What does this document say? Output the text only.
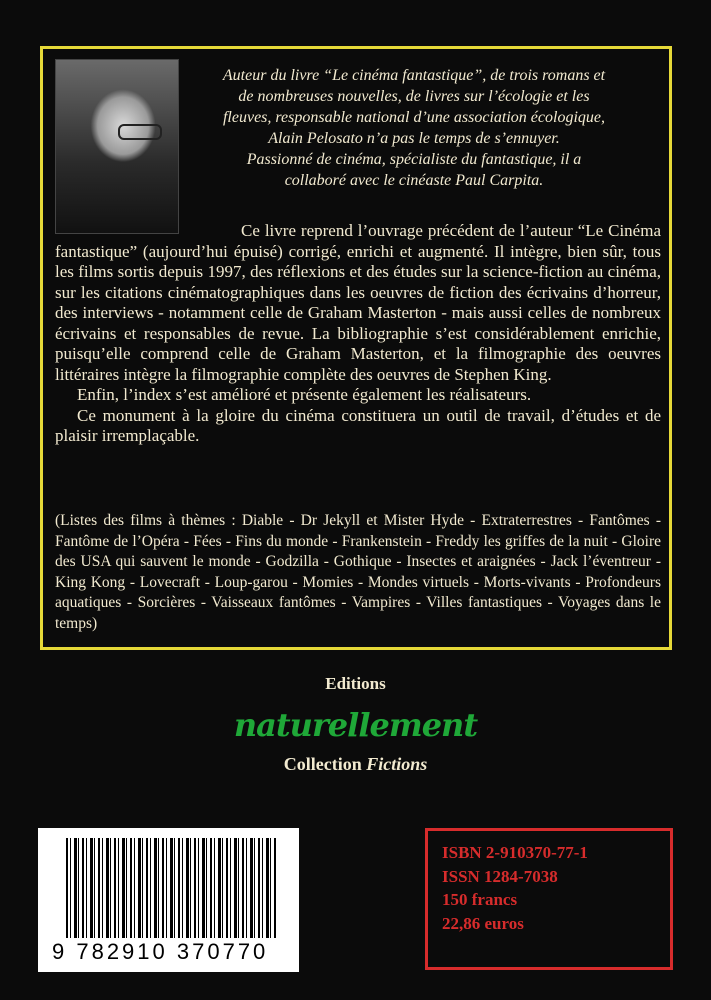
Auteur du livre “Le cinéma fantastique”, de trois romans et
de nombreuses nouvelles, de livres sur l’écologie et les
fleuves, responsable national d’une association écologique,
Alain Pelosato n’a pas le temps de s’ennuyer.
Passionné de cinéma, spécialiste du fantastique, il a
collaboré avec le cinéaste Paul Carpita.

Ce livre reprend l’ouvrage précédent de l’auteur “Le Cinéma fantastique” (aujourd’hui épuisé) corrigé, enrichi et augmenté. Il intègre, bien sûr, tous les films sortis depuis 1997, des réflexions et des études sur la science-fiction au cinéma, sur les citations cinématographiques dans les oeuvres de fiction des écrivains d’horreur, des interviews - notamment celle de Graham Masterton - mais aussi celles de nombreux écrivains et responsables de revue. La bibliographie s’est considérablement enrichie, puisqu’elle comprend celle de Graham Masterton, et la filmographie des oeuvres littéraires intègre la filmographie complète des oeuvres de Stephen King.

Enfin, l’index s’est amélioré et présente également les réalisateurs.

Ce monument à la gloire du cinéma constituera un outil de travail, d’études et de plaisir irremplaçable.

(Listes des films à thèmes : Diable - Dr Jekyll et Mister Hyde - Extraterrestres - Fantômes - Fantôme de l’Opéra - Fées - Fins du monde - Frankenstein - Freddy les griffes de la nuit - Gloire des USA qui sauvent le monde - Godzilla - Gothique - Insectes et araignées - Jack l’éventreur - King Kong - Lovecraft - Loup-garou - Momies - Mondes virtuels - Morts-vivants - Profondeurs aquatiques - Sorcières - Vaisseaux fantômes - Vampires - Villes fantastiques - Voyages dans le temps)
Editions
naturellement
Collection Fictions
9 782910 370770
ISBN 2-910370-77-1
ISSN 1284-7038
150 francs
22,86 euros
